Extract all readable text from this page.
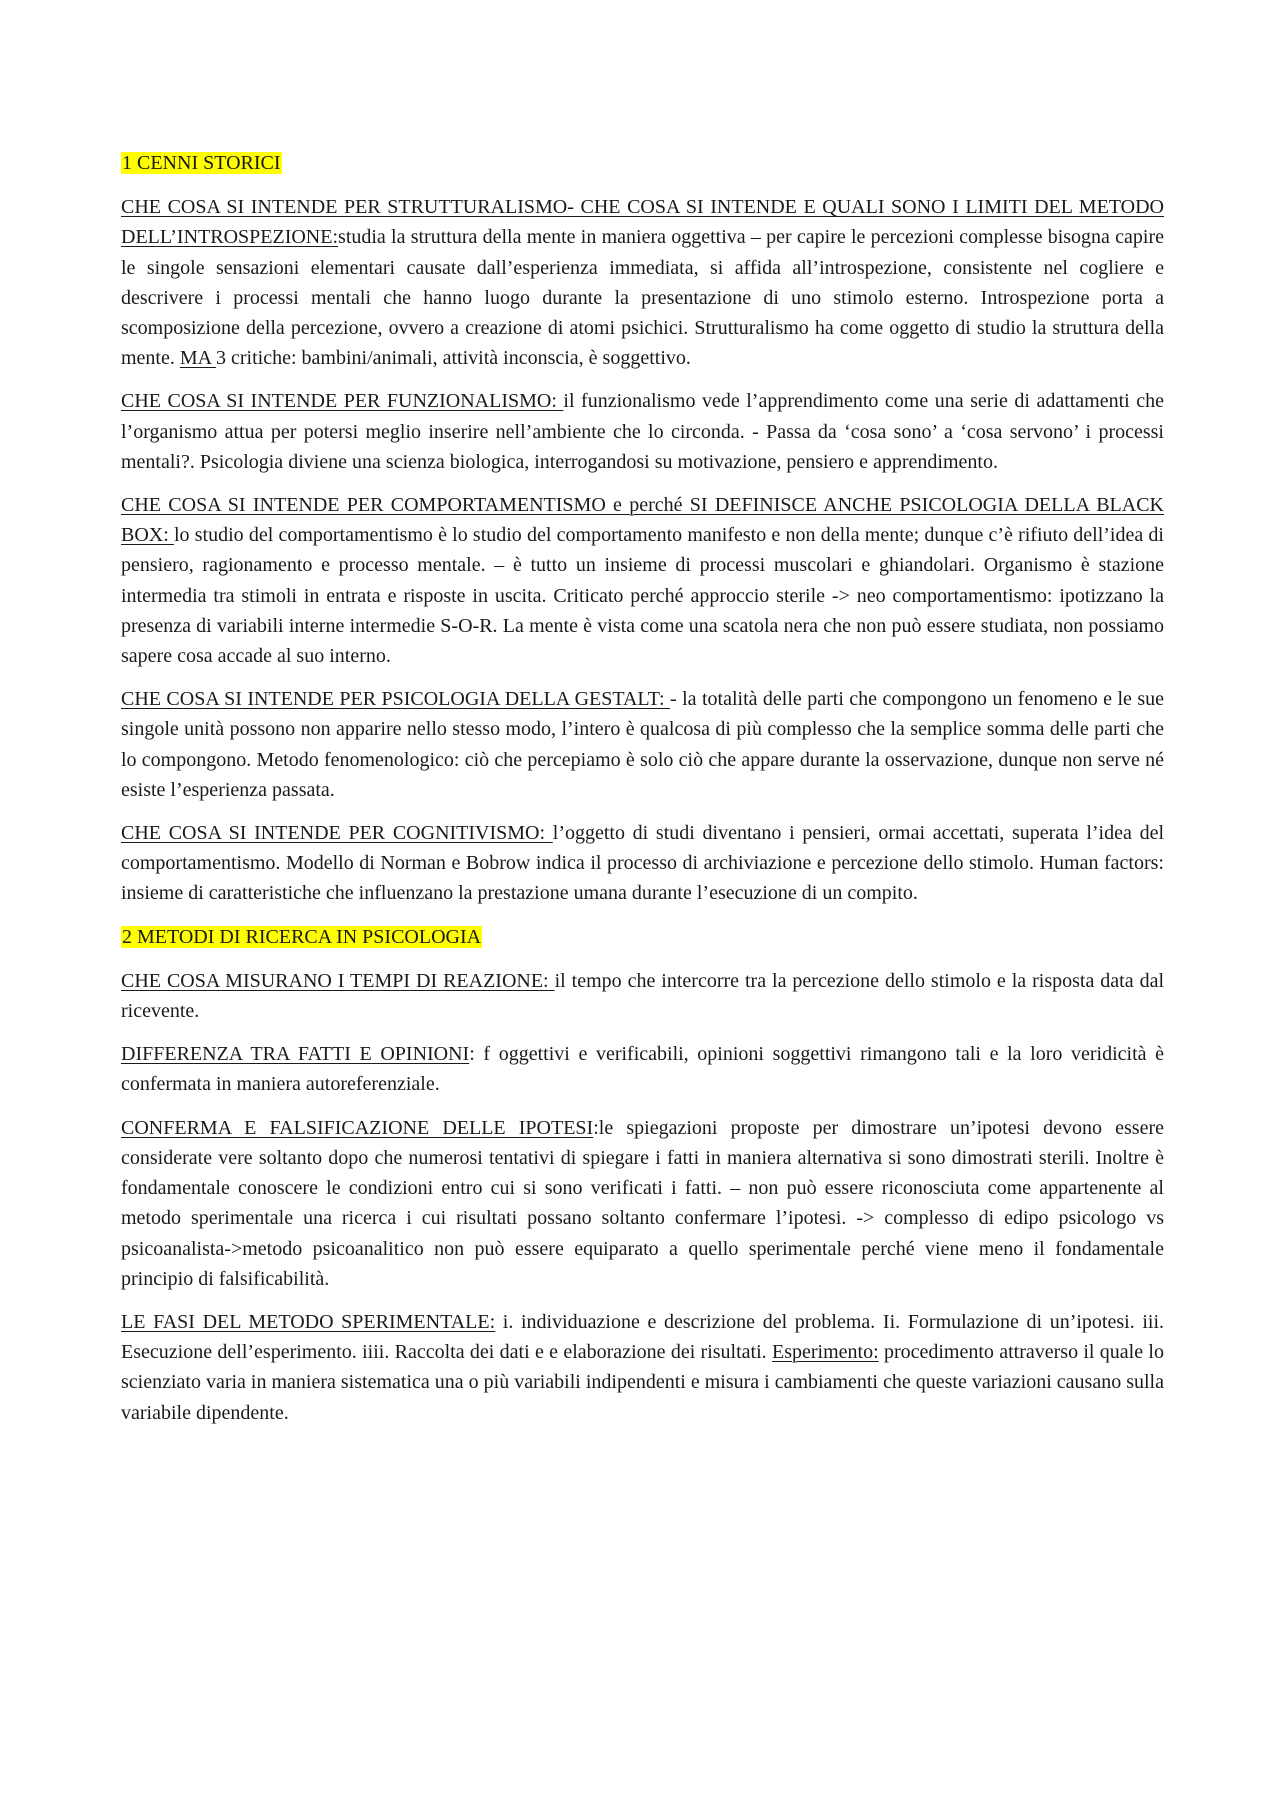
1 CENNI STORICI

CHE COSA SI INTENDE PER STRUTTURALISMO- CHE COSA SI INTENDE E QUALI SONO I LIMITI DEL METODO DELL’INTROSPEZIONE:studia la struttura della mente in maniera oggettiva – per capire le percezioni complesse bisogna capire le singole sensazioni elementari causate dall’esperienza immediata, si affida all’introspezione, consistente nel cogliere e descrivere i processi mentali che hanno luogo durante la presentazione di uno stimolo esterno. Introspezione porta a scomposizione della percezione, ovvero a creazione di atomi psichici. Strutturalismo ha come oggetto di studio la struttura della mente. MA 3 critiche: bambini/animali, attività inconscia, è soggettivo.

CHE COSA SI INTENDE PER FUNZIONALISMO: il funzionalismo vede l’apprendimento come una serie di adattamenti che l’organismo attua per potersi meglio inserire nell’ambiente che lo circonda. - Passa da ‘cosa sono’ a ‘cosa servono’ i processi mentali?. Psicologia diviene una scienza biologica, interrogandosi su motivazione, pensiero e apprendimento.

CHE COSA SI INTENDE PER COMPORTAMENTISMO e perché SI DEFINISCE ANCHE PSICOLOGIA DELLA BLACK BOX: lo studio del comportamentismo è lo studio del comportamento manifesto e non della mente; dunque c’è rifiuto dell’idea di pensiero, ragionamento e processo mentale. – è tutto un insieme di processi muscolari e ghiandolari. Organismo è stazione intermedia tra stimoli in entrata e risposte in uscita. Criticato perché approccio sterile -> neo comportamentismo: ipotizzano la presenza di variabili interne intermedie S-O-R. La mente è vista come una scatola nera che non può essere studiata, non possiamo sapere cosa accade al suo interno.

CHE COSA SI INTENDE PER PSICOLOGIA DELLA GESTALT: - la totalità delle parti che compongono un fenomeno e le sue singole unità possono non apparire nello stesso modo, l’intero è qualcosa di più complesso che la semplice somma delle parti che lo compongono. Metodo fenomenologico: ciò che percepiamo è solo ciò che appare durante la osservazione, dunque non serve né esiste l’esperienza passata.

CHE COSA SI INTENDE PER COGNITIVISMO: l’oggetto di studi diventano i pensieri, ormai accettati, superata l’idea del comportamentismo. Modello di Norman e Bobrow indica il processo di archiviazione e percezione dello stimolo. Human factors: insieme di caratteristiche che influenzano la prestazione umana durante l’esecuzione di un compito.

2 METODI DI RICERCA IN PSICOLOGIA

CHE COSA MISURANO I TEMPI DI REAZIONE: il tempo che intercorre tra la percezione dello stimolo e la risposta data dal ricevente.

DIFFERENZA TRA FATTI E OPINIONI: f oggettivi e verificabili, opinioni soggettivi rimangono tali e la loro veridicità è confermata in maniera autoreferenziale.

CONFERMA E FALSIFICAZIONE DELLE IPOTESI:le spiegazioni proposte per dimostrare un’ipotesi devono essere considerate vere soltanto dopo che numerosi tentativi di spiegare i fatti in maniera alternativa si sono dimostrati sterili. Inoltre è fondamentale conoscere le condizioni entro cui si sono verificati i fatti. – non può essere riconosciuta come appartenente al metodo sperimentale una ricerca i cui risultati possano soltanto confermare l’ipotesi. -> complesso di edipo psicologo vs psicoanalista->metodo psicoanalitico non può essere equiparato a quello sperimentale perché viene meno il fondamentale principio di falsificabilità.

LE FASI DEL METODO SPERIMENTALE: i. individuazione e descrizione del problema. Ii. Formulazione di un’ipotesi. iii. Esecuzione dell’esperimento. iiii. Raccolta dei dati e e elaborazione dei risultati. Esperimento: procedimento attraverso il quale lo scienziato varia in maniera sistematica una o più variabili indipendenti e misura i cambiamenti che queste variazioni causano sulla variabile dipendente.
